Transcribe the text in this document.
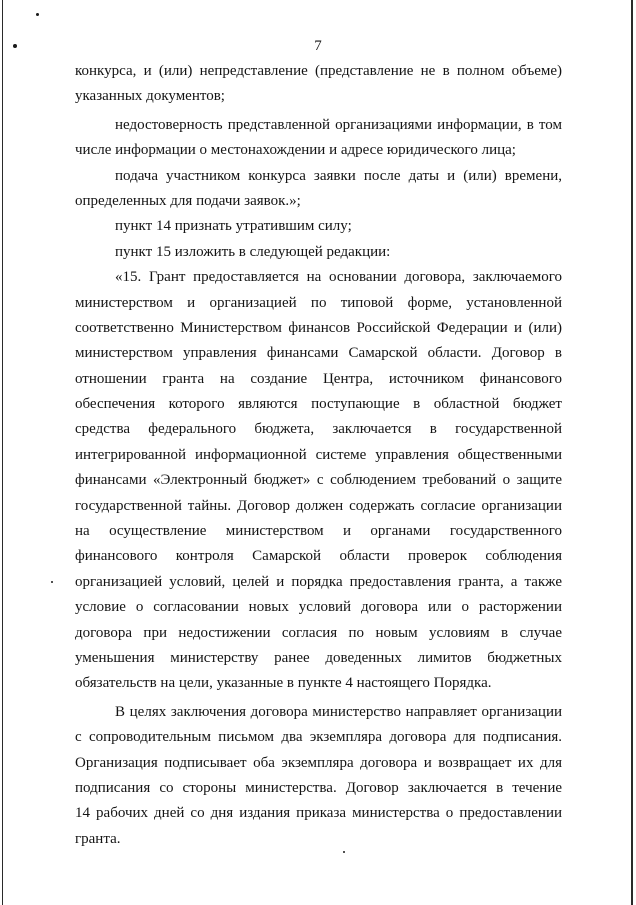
7
конкурса, и (или) непредставление (представление не в полном объеме)
указанных документов;
недостоверность представленной организациями информации, в том
числе информации о местонахождении и адресе юридического лица;
подача участником конкурса заявки после даты и (или) времени,
определенных для подачи заявок.»;
пункт 14 признать утратившим силу;
пункт 15 изложить в следующей редакции:
«15. Грант предоставляется на основании договора, заключаемого
министерством и организацией по типовой форме, установленной
соответственно Министерством финансов Российской Федерации и (или)
министерством управления финансами Самарской области. Договор в
отношении гранта на создание Центра, источником финансового
обеспечения которого являются поступающие в областной бюджет
средства федерального бюджета, заключается в государственной
интегрированной информационной системе управления общественными
финансами «Электронный бюджет» с соблюдением требований о защите
государственной тайны. Договор должен содержать согласие организации
на осуществление министерством и органами государственного
финансового контроля Самарской области проверок соблюдения
организацией условий, целей и порядка предоставления гранта, а также
условие о согласовании новых условий договора или о расторжении
договора при недостижении согласия по новым условиям в случае
уменьшения министерству ранее доведенных лимитов бюджетных
обязательств на цели, указанные в пункте 4 настоящего Порядка.
В целях заключения договора министерство направляет организации
с сопроводительным письмом два экземпляра договора для подписания.
Организация подписывает оба экземпляра договора и возвращает их для
подписания со стороны министерства. Договор заключается в течение
14 рабочих дней со дня издания приказа министерства о предоставлении
гранта.
